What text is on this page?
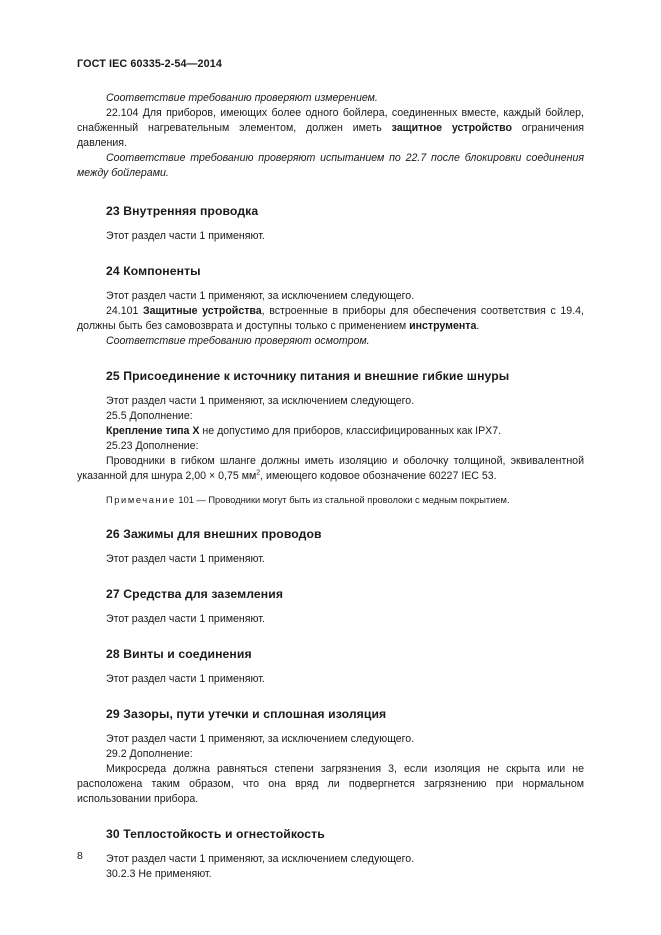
ГОСТ IEC 60335-2-54—2014

Соответствие требованию проверяют измерением.

22.104 Для приборов, имеющих более одного бойлера, соединенных вместе, каждый бойлер, снабженный нагревательным элементом, должен иметь защитное устройство ограничения давления.

Соответствие требованию проверяют испытанием по 22.7 после блокировки соединения между бойлерами.

23 Внутренняя проводка

Этот раздел части 1 применяют.

24 Компоненты

Этот раздел части 1 применяют, за исключением следующего.

24.101 Защитные устройства, встроенные в приборы для обеспечения соответствия с 19.4, должны быть без самовозврата и доступны только с применением инструмента.

Соответствие требованию проверяют осмотром.

25 Присоединение к источнику питания и внешние гибкие шнуры

Этот раздел части 1 применяют, за исключением следующего.

25.5 Дополнение:

Крепление типа X не допустимо для приборов, классифицированных как IPX7.

25.23 Дополнение:

Проводники в гибком шланге должны иметь изоляцию и оболочку толщиной, эквивалентной указанной для шнура 2,00 × 0,75 $мм^2$, имеющего кодовое обозначение 60227 IEC 53.

Примечание 101 — Проводники могут быть из стальной проволоки с медным покрытием.

26 Зажимы для внешних проводов

Этот раздел части 1 применяют.

27 Средства для заземления

Этот раздел части 1 применяют.

28 Винты и соединения

Этот раздел части 1 применяют.

29 Зазоры, пути утечки и сплошная изоляция

Этот раздел части 1 применяют, за исключением следующего.

29.2 Дополнение:

Микросреда должна равняться степени загрязнения 3, если изоляция не скрыта или не расположена таким образом, что она вряд ли подвергнется загрязнению при нормальном использовании прибора.

30 Теплостойкость и огнестойкость

Этот раздел части 1 применяют, за исключением следующего.

30.2.3 Не применяют.

8
